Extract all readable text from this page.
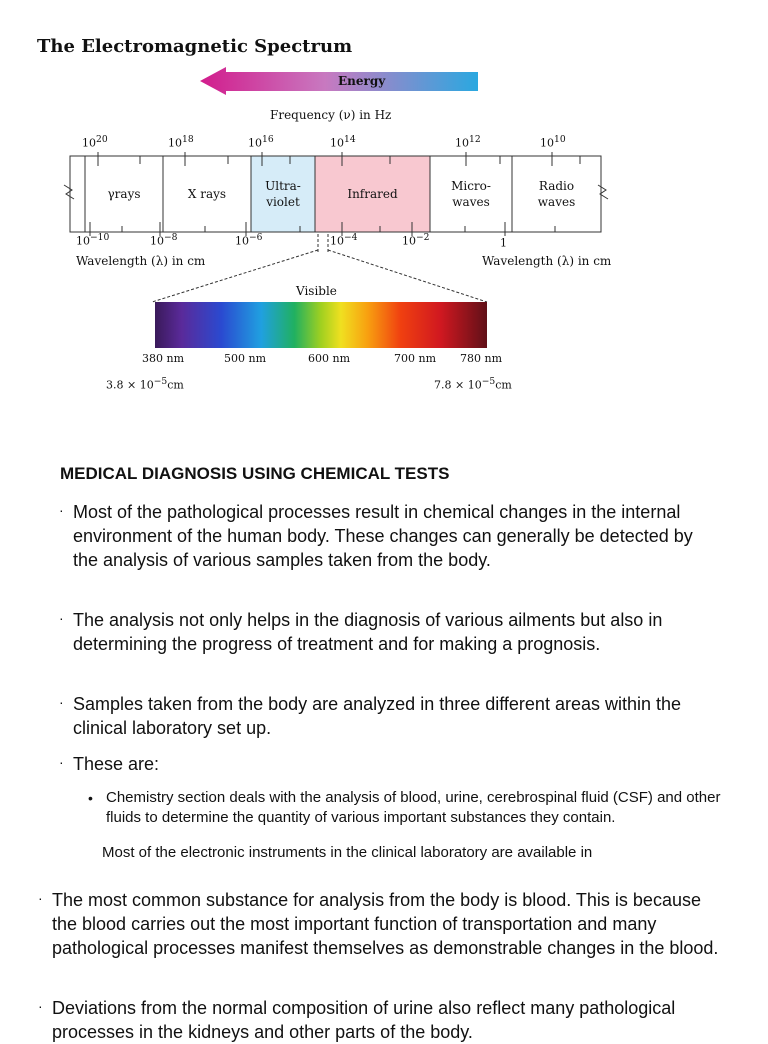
The Electromagnetic Spectrum
Energy
Frequency (ν) in Hz
$10^{20}$	$10^{18}$	$10^{16}$	$10^{14}$	$10^{12}$	$10^{10}$
γrays	X rays
Ultra-
violet
Infrared
Micro-
waves
Radio
waves
$10^{-10}$	$10^{-8}$	$10^{-6}$	$10^{-4}$	$10^{-2}$	1
Wavelength (λ) in cm	Wavelength (λ) in cm
Visible
380 nm	500 nm	600 nm	700 nm 780 nm
$3.8 \times 10^{-5}cm$	$7.8 \times 10^{-5}cm$
MEDICAL DIAGNOSIS USING CHEMICAL TESTS
· Most of the pathological processes result in chemical changes in the internal environment of the human body. These changes can generally be detected by the analysis of various samples taken from the body.
· The analysis not only helps in the diagnosis of various ailments but also in determining the progress of treatment and for making a prognosis.
· Samples taken from the body are analyzed in three different areas within the clinical laboratory set up.
· These are:
• Chemistry section deals with the analysis of blood, urine, cerebrospinal fluid (CSF) and other fluids to determine the quantity of various important substances they contain.
Most of the electronic instruments in the clinical laboratory are available in
· The most common substance for analysis from the body is blood. This is because the blood carries out the most important function of transportation and many pathological processes manifest themselves as demonstrable changes in the blood.
· Deviations from the normal composition of urine also reflect many pathological processes in the kidneys and other parts of the body.
